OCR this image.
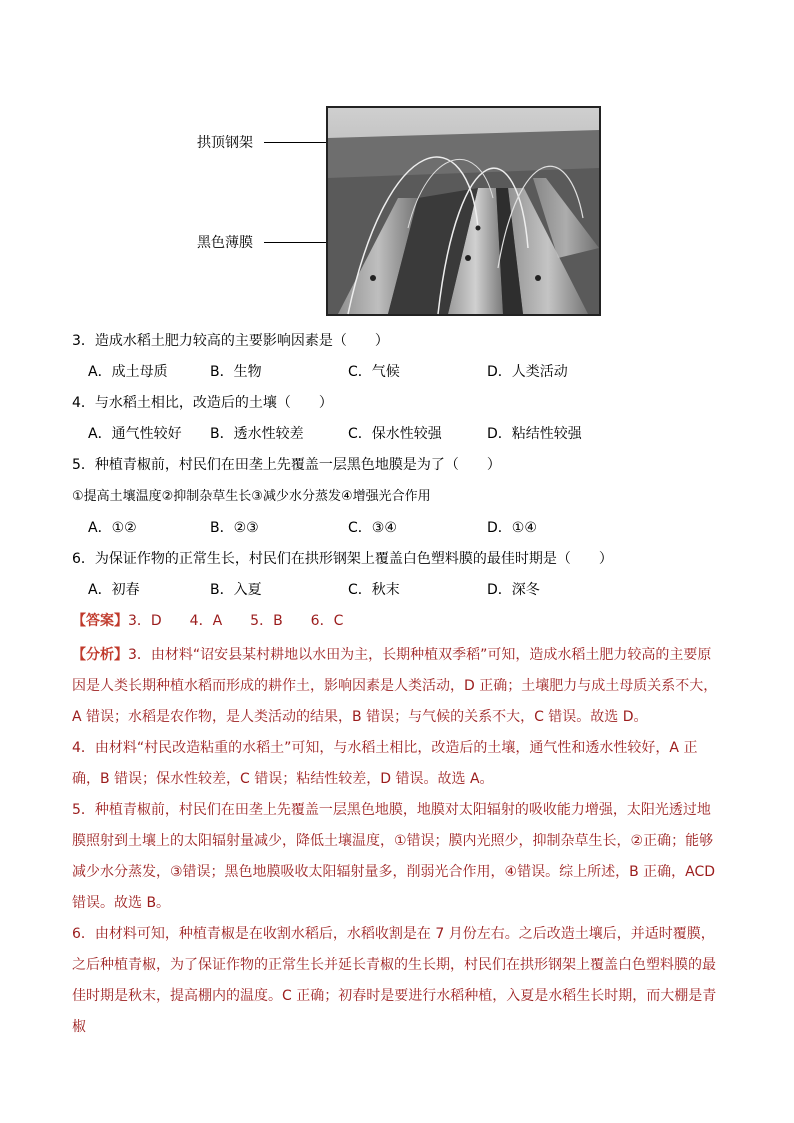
拱顶钢架
黑色薄膜
3．造成水稻土肥力较高的主要影响因素是（　　）
A．成土母质	B．生物	C．气候	D．人类活动
4．与水稻土相比，改造后的土壤（　　）
A．通气性较好 B．透水性较差	C．保水性较强	D．粘结性较强
5．种植青椒前，村民们在田垄上先覆盖一层黑色地膜是为了（　　）
①提高土壤温度②抑制杂草生长③减少水分蒸发④增强光合作用
A．①②	B．②③	C．③④	D．①④
6．为保证作物的正常生长，村民们在拱形钢架上覆盖白色塑料膜的最佳时期是（　　）
A．初春	B．入夏	C．秋末	D．深冬
【答案】3．D　　4．A　　5．B　　6．C
【分析】3．由材料“诏安县某村耕地以水田为主，长期种植双季稻”可知，造成水稻土肥力较高的主要原因是人类长期种植水稻而形成的耕作土，影响因素是人类活动，D 正确；土壤肥力与成土母质关系不大，A 错误；水稻是农作物，是人类活动的结果，B 错误；与气候的关系不大，C 错误。故选 D。
4．由材料“村民改造粘重的水稻土”可知，与水稻土相比，改造后的土壤，通气性和透水性较好，A 正确，B 错误；保水性较差，C 错误；粘结性较差，D 错误。故选 A。
5．种植青椒前，村民们在田垄上先覆盖一层黑色地膜，地膜对太阳辐射的吸收能力增强，太阳光透过地膜照射到土壤上的太阳辐射量减少，降低土壤温度，①错误；膜内光照少，抑制杂草生长，②正确；能够减少水分蒸发，③错误；黑色地膜吸收太阳辐射量多，削弱光合作用，④错误。综上所述，B 正确，ACD 错误。故选 B。
6．由材料可知，种植青椒是在收割水稻后，水稻收割是在 7 月份左右。之后改造土壤后，并适时覆膜，之后种植青椒，为了保证作物的正常生长并延长青椒的生长期，村民们在拱形钢架上覆盖白色塑料膜的最佳时期是秋末，提高棚内的温度。C 正确；初春时是要进行水稻种植，入夏是水稻生长时期，而大棚是青椒
